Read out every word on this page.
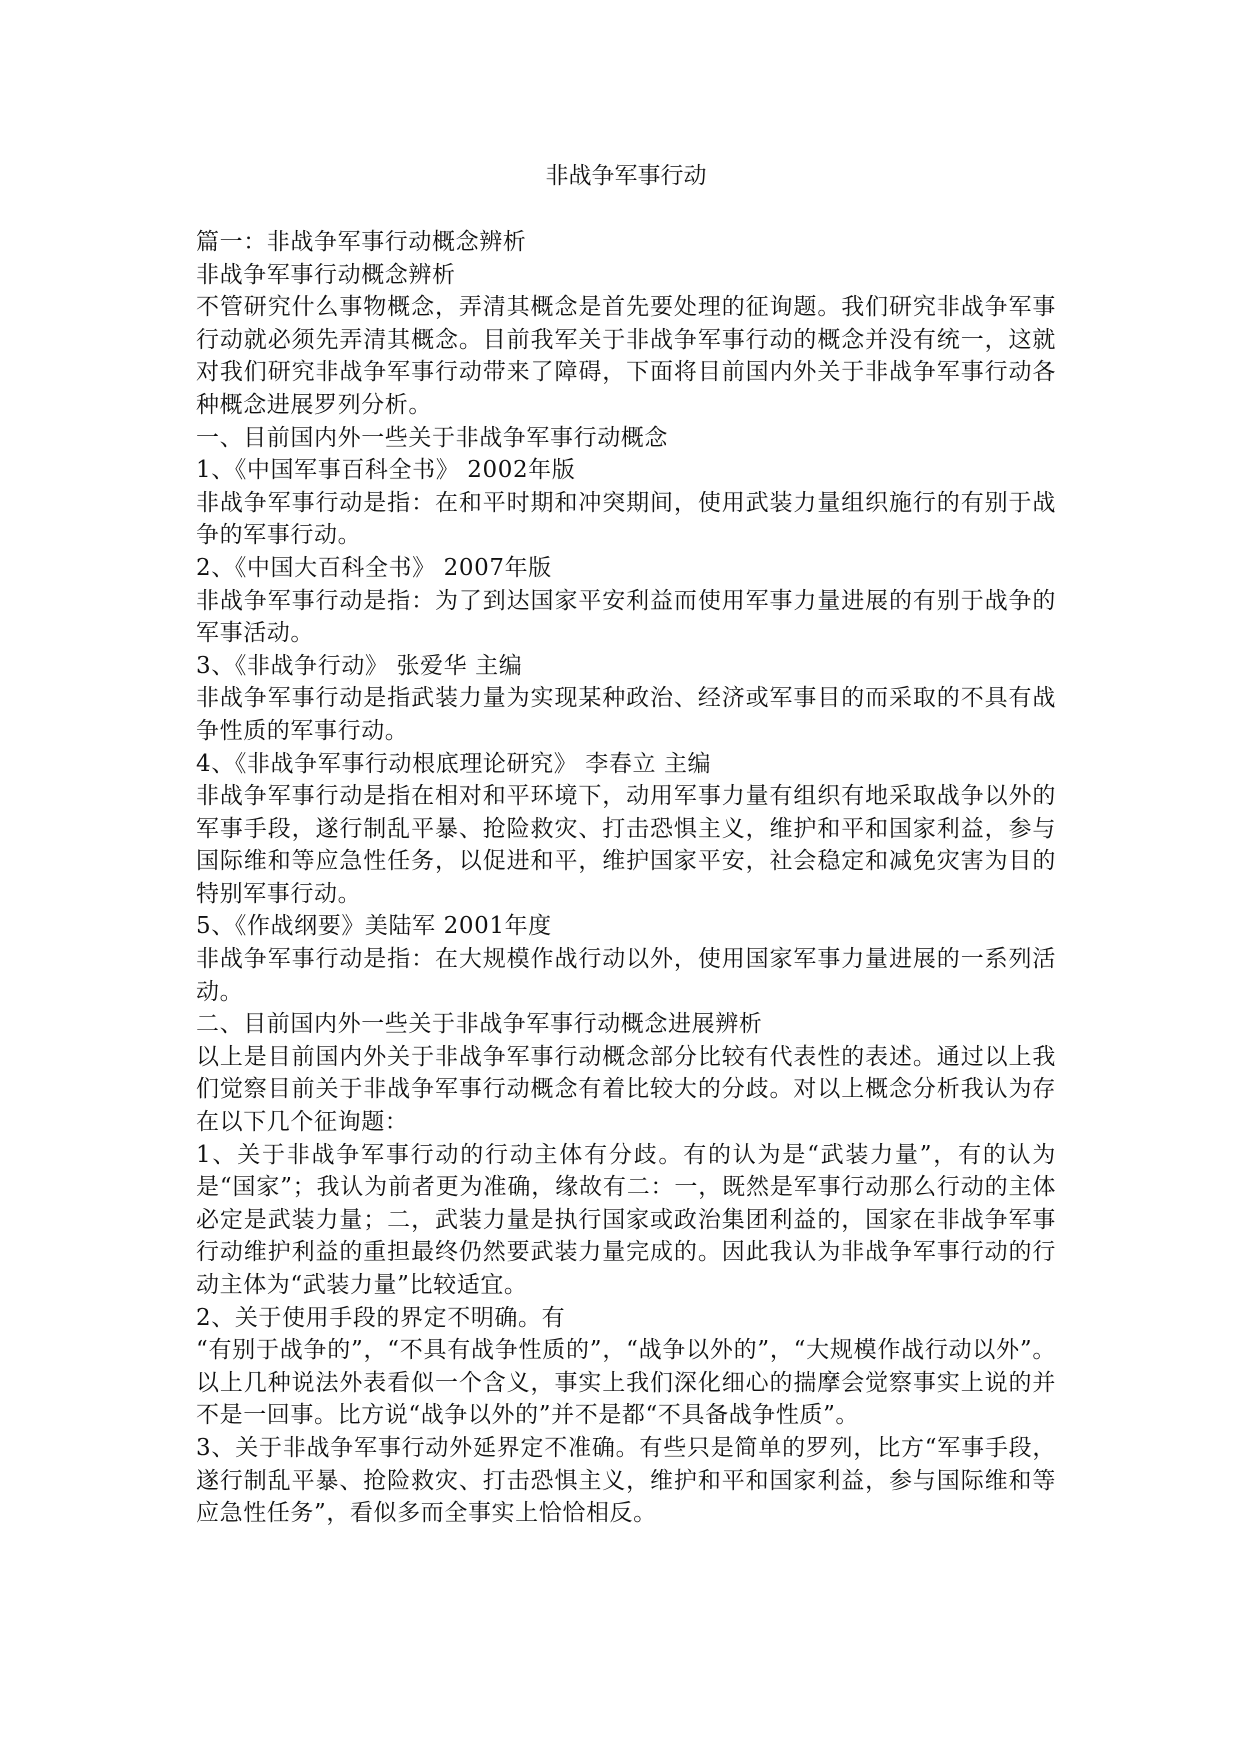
非战争军事行动

篇一：非战争军事行动概念辨析

非战争军事行动概念辨析

不管研究什么事物概念，弄清其概念是首先要处理的征询题。我们研究非战争军事行动就必须先弄清其概念。目前我军关于非战争军事行动的概念并没有统一，这就对我们研究非战争军事行动带来了障碍，下面将目前国内外关于非战争军事行动各种概念进展罗列分析。

一、目前国内外一些关于非战争军事行动概念

1、《中国军事百科全书》 2002年版

非战争军事行动是指：在和平时期和冲突期间，使用武装力量组织施行的有别于战争的军事行动。

2、《中国大百科全书》 2007年版

非战争军事行动是指：为了到达国家平安利益而使用军事力量进展的有别于战争的军事活动。

3、《非战争行动》 张爱华 主编

非战争军事行动是指武装力量为实现某种政治、经济或军事目的而采取的不具有战争性质的军事行动。

4、《非战争军事行动根底理论研究》 李春立 主编

非战争军事行动是指在相对和平环境下，动用军事力量有组织有地采取战争以外的军事手段，遂行制乱平暴、抢险救灾、打击恐惧主义，维护和平和国家利益，参与国际维和等应急性任务，以促进和平，维护国家平安，社会稳定和减免灾害为目的特别军事行动。

5、《作战纲要》美陆军 2001年度

非战争军事行动是指：在大规模作战行动以外，使用国家军事力量进展的一系列活动。

二、目前国内外一些关于非战争军事行动概念进展辨析

以上是目前国内外关于非战争军事行动概念部分比较有代表性的表述。通过以上我们觉察目前关于非战争军事行动概念有着比较大的分歧。对以上概念分析我认为存在以下几个征询题：

1、关于非战争军事行动的行动主体有分歧。有的认为是“武装力量”，有的认为是“国家”；我认为前者更为准确，缘故有二：一，既然是军事行动那么行动的主体必定是武装力量；二，武装力量是执行国家或政治集团利益的，国家在非战争军事行动维护利益的重担最终仍然要武装力量完成的。因此我认为非战争军事行动的行动主体为“武装力量”比较适宜。

2、关于使用手段的界定不明确。有

“有别于战争的”，“不具有战争性质的”，“战争以外的”，“大规模作战行动以外”。以上几种说法外表看似一个含义，事实上我们深化细心的揣摩会觉察事实上说的并不是一回事。比方说“战争以外的”并不是都“不具备战争性质”。

3、关于非战争军事行动外延界定不准确。有些只是简单的罗列，比方“军事手段，遂行制乱平暴、抢险救灾、打击恐惧主义，维护和平和国家利益，参与国际维和等应急性任务”，看似多而全事实上恰恰相反。
